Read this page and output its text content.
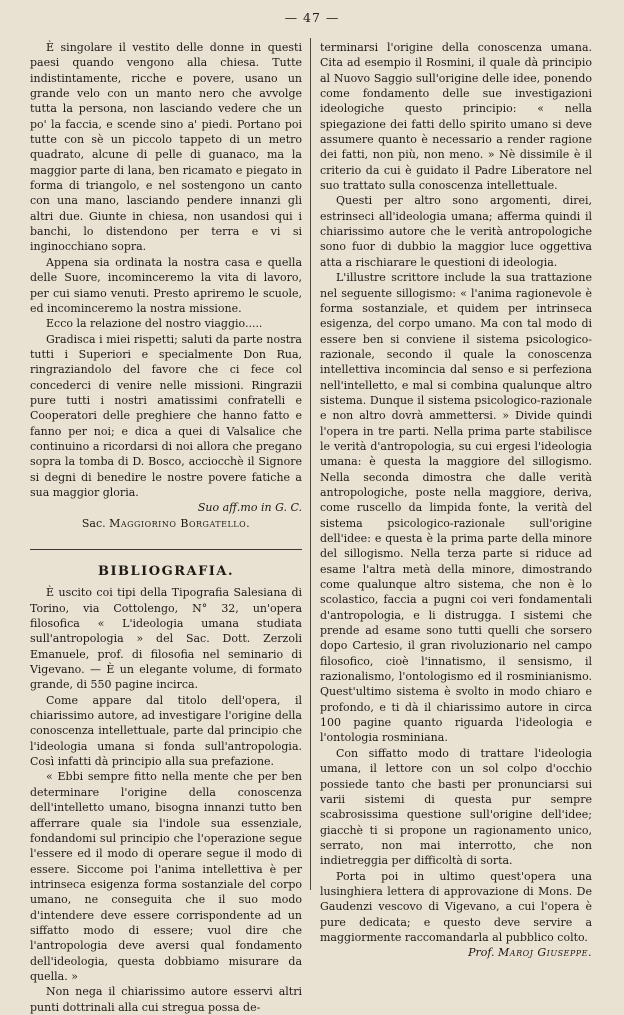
— 47 —

È singolare il vestito delle donne in questi paesi quando vengono alla chiesa. Tutte indistintamente, ricche e povere, usano un grande velo con un manto nero che avvolge tutta la persona, non lasciando vedere che un po' la faccia, e scende sino a' piedi. Portano poi tutte con sè un piccolo tappeto di un metro quadrato, alcune di pelle di guanaco, ma la maggior parte di lana, ben ricamato e piegato in forma di triangolo, e nel sostengono un canto con una mano, lasciando pendere innanzi gli altri due. Giunte in chiesa, non usandosi qui i banchi, lo distendono per terra e vi si inginocchiano sopra.

Appena sia ordinata la nostra casa e quella delle Suore, incominceremo la vita di lavoro, per cui siamo venuti. Presto apriremo le scuole, ed incominceremo la nostra missione.

Ecco la relazione del nostro viaggio.....

Gradisca i miei rispetti; saluti da parte nostra tutti i Superiori e specialmente Don Rua, ringraziandolo del favore che ci fece col concederci di venire nelle missioni. Ringrazii pure tutti i nostri amatissimi confratelli e Cooperatori delle preghiere che hanno fatto e fanno per noi; e dica a quei di Valsalice che continuino a ricordarsi di noi allora che pregano sopra la tomba di D. Bosco, acciocchè il Signore si degni di benedire le nostre povere fatiche a sua maggior gloria.

Suo aff.mo in G. C.

Sac. Maggiorino Borgatello.

BIBLIOGRAFIA.

È uscito coi tipi della Tipografia Salesiana di Torino, via Cottolengo, N° 32, un'opera filosofica « L'ideologia umana studiata sull'antropologia » del Sac. Dott. Zerzoli Emanuele, prof. di filosofia nel seminario di Vigevano. — È un elegante volume, di formato grande, di 550 pagine incirca.

Come appare dal titolo dell'opera, il chiarissimo autore, ad investigare l'origine della conoscenza intellettuale, parte dal principio che l'ideologia umana si fonda sull'antropologia. Così infatti dà principio alla sua prefazione.

« Ebbi sempre fitto nella mente che per ben determinare l'origine della conoscenza dell'intelletto umano, bisogna innanzi tutto ben afferrare quale sia l'indole sua essenziale, fondandomi sul principio che l'operazione segue l'essere ed il modo di operare segue il modo di essere. Siccome poi l'anima intellettiva è per intrinseca esigenza forma sostanziale del corpo umano, ne conseguita che il suo modo d'intendere deve essere corrispondente ad un siffatto modo di essere; vuol dire che l'antropologia deve aversi qual fondamento dell'ideologia, questa dobbiamo misurare da quella. »

Non nega il chiarissimo autore esservi altri punti dottrinali alla cui stregua possa de-

terminarsi l'origine della conoscenza umana. Cita ad esempio il Rosmini, il quale dà principio al Nuovo Saggio sull'origine delle idee, ponendo come fondamento delle sue investigazioni ideologiche questo principio: « nella spiegazione dei fatti dello spirito umano si deve assumere quanto è necessario a render ragione dei fatti, non più, non meno. » Nè dissimile è il criterio da cui è guidato il Padre Liberatore nel suo trattato sulla conoscenza intellettuale.

Questi per altro sono argomenti, direi, estrinseci all'ideologia umana; afferma quindi il chiarissimo autore che le verità antropologiche sono fuor di dubbio la maggior luce oggettiva atta a rischiarare le questioni di ideologia.

L'illustre scrittore include la sua trattazione nel seguente sillogismo: « l'anima ragionevole è forma sostanziale, et quidem per intrinseca esigenza, del corpo umano. Ma con tal modo di essere ben si conviene il sistema psicologico-razionale, secondo il quale la conoscenza intellettiva incomincia dal senso e si perfeziona nell'intelletto, e mal si combina qualunque altro sistema. Dunque il sistema psicologico-razionale e non altro dovrà ammettersi. » Divide quindi l'opera in tre parti. Nella prima parte stabilisce le verità d'antropologia, su cui ergesi l'ideologia umana: è questa la maggiore del sillogismo. Nella seconda dimostra che dalle verità antropologiche, poste nella maggiore, deriva, come ruscello da limpida fonte, la verità del sistema psicologico-razionale sull'origine dell'idee: e questa è la prima parte della minore del sillogismo. Nella terza parte si riduce ad esame l'altra metà della minore, dimostrando come qualunque altro sistema, che non è lo scolastico, faccia a pugni coi veri fondamentali d'antropologia, e li distrugga. I sistemi che prende ad esame sono tutti quelli che sorsero dopo Cartesio, il gran rivoluzionario nel campo filosofico, cioè l'innatismo, il sensismo, il razionalismo, l'ontologismo ed il rosminianismo. Quest'ultimo sistema è svolto in modo chiaro e profondo, e ti dà il chiarissimo autore in circa 100 pagine quanto riguarda l'ideologia e l'ontologia rosminiana.

Con siffatto modo di trattare l'ideologia umana, il lettore con un sol colpo d'occhio possiede tanto che basti per pronunciarsi sui varii sistemi di questa pur sempre scabrosissima questione sull'origine dell'idee; giacchè ti si propone un ragionamento unico, serrato, non mai interrotto, che non indietreggia per difficoltà di sorta.

Porta poi in ultimo quest'opera una lusinghiera lettera di approvazione di Mons. De Gaudenzi vescovo di Vigevano, a cui l'opera è pure dedicata; e questo deve servire a maggiormente raccomandarla al pubblico colto.

Prof. Maroj Giuseppe.
